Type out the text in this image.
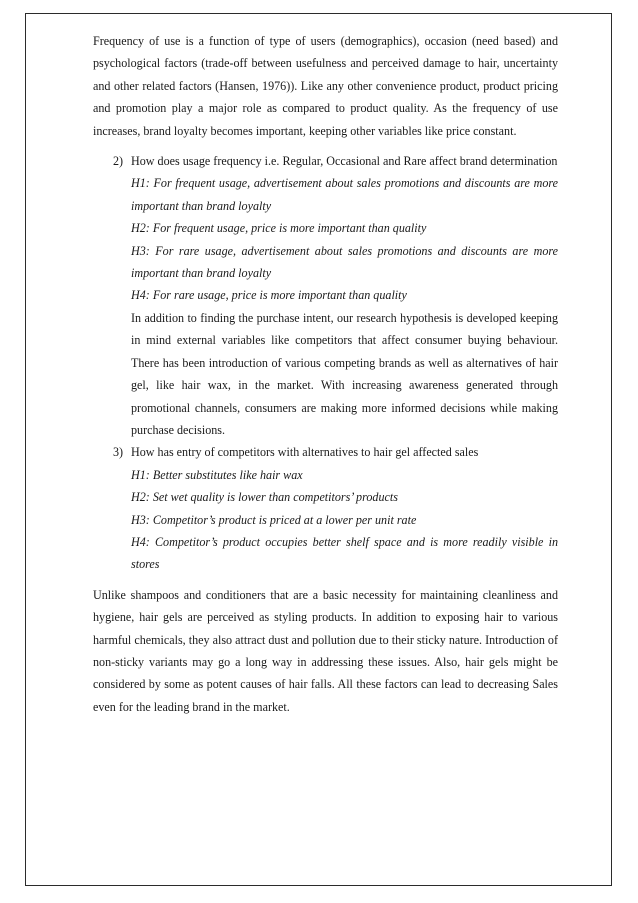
Frequency of use is a function of type of users (demographics), occasion (need based) and psychological factors (trade-off between usefulness and perceived damage to hair, uncertainty and other related factors (Hansen, 1976)). Like any other convenience product, product pricing and promotion play a major role as compared to product quality. As the frequency of use increases, brand loyalty becomes important, keeping other variables like price constant.

2) How does usage frequency i.e. Regular, Occasional and Rare affect brand determination
H1: For frequent usage, advertisement about sales promotions and discounts are more important than brand loyalty
H2: For frequent usage, price is more important than quality
H3: For rare usage, advertisement about sales promotions and discounts are more important than brand loyalty
H4: For rare usage, price is more important than quality
In addition to finding the purchase intent, our research hypothesis is developed keeping in mind external variables like competitors that affect consumer buying behaviour. There has been introduction of various competing brands as well as alternatives of hair gel, like hair wax, in the market. With increasing awareness generated through promotional channels, consumers are making more informed decisions while making purchase decisions.
3) How has entry of competitors with alternatives to hair gel affected sales
H1: Better substitutes like hair wax
H2: Set wet quality is lower than competitors’ products
H3: Competitor’s product is priced at a lower per unit rate
H4: Competitor’s product occupies better shelf space and is more readily visible in stores

Unlike shampoos and conditioners that are a basic necessity for maintaining cleanliness and hygiene, hair gels are perceived as styling products. In addition to exposing hair to various harmful chemicals, they also attract dust and pollution due to their sticky nature. Introduction of non-sticky variants may go a long way in addressing these issues. Also, hair gels might be considered by some as potent causes of hair falls. All these factors can lead to decreasing Sales even for the leading brand in the market.
